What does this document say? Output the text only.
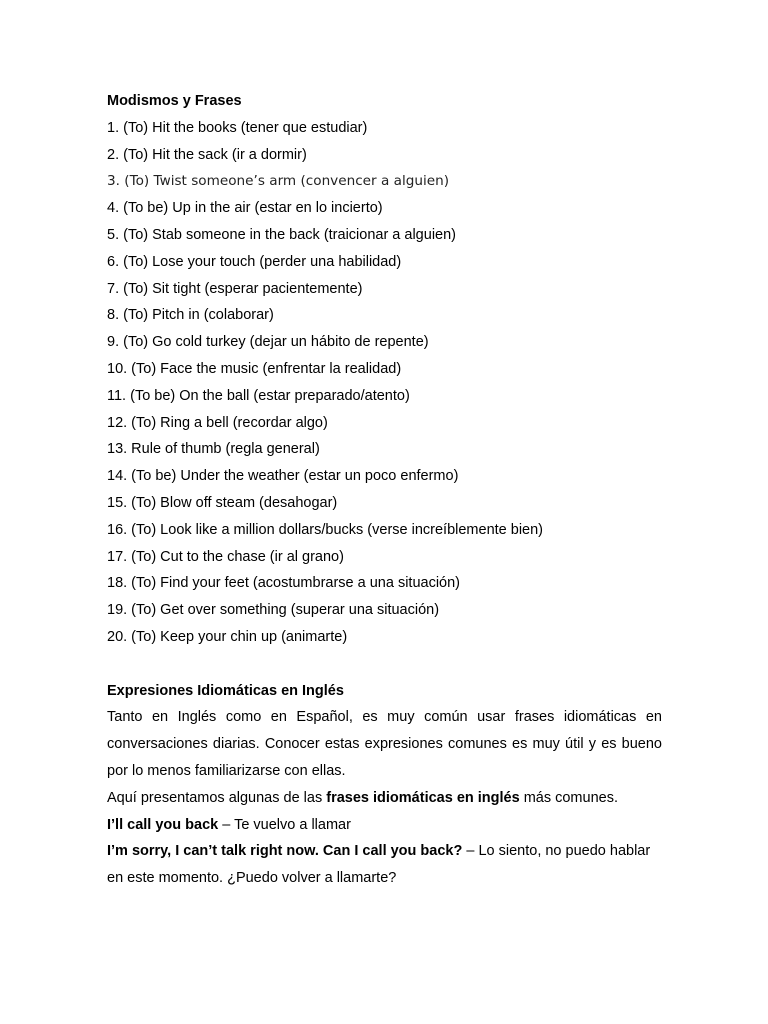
Modismos y Frases
1. (To) Hit the books (tener que estudiar)
2. (To) Hit the sack (ir a dormir)
3. (To) Twist someone’s arm (convencer a alguien)
4. (To be) Up in the air (estar en lo incierto)
5. (To) Stab someone in the back (traicionar a alguien)
6. (To) Lose your touch (perder una habilidad)
7. (To) Sit tight (esperar pacientemente)
8. (To) Pitch in (colaborar)
9. (To) Go cold turkey (dejar un hábito de repente)
10. (To) Face the music (enfrentar la realidad)
11. (To be) On the ball (estar preparado/atento)
12. (To) Ring a bell (recordar algo)
13. Rule of thumb (regla general)
14. (To be) Under the weather (estar un poco enfermo)
15. (To) Blow off steam (desahogar)
16. (To) Look like a million dollars/bucks (verse increíblemente bien)
17. (To) Cut to the chase (ir al grano)
18. (To) Find your feet (acostumbrarse a una situación)
19. (To) Get over something (superar una situación)
20. (To) Keep your chin up (animarte)
Expresiones Idiomáticas en Inglés

Tanto en Inglés como en Español, es muy común usar frases idiomáticas en conversaciones diarias. Conocer estas expresiones comunes es muy útil y es bueno por lo menos familiarizarse con ellas.

Aquí presentamos algunas de las frases idiomáticas en inglés más comunes.

I’ll call you back – Te vuelvo a llamar

I’m sorry, I can’t talk right now. Can I call you back? – Lo siento, no puedo hablar en este momento. ¿Puedo volver a llamarte?
